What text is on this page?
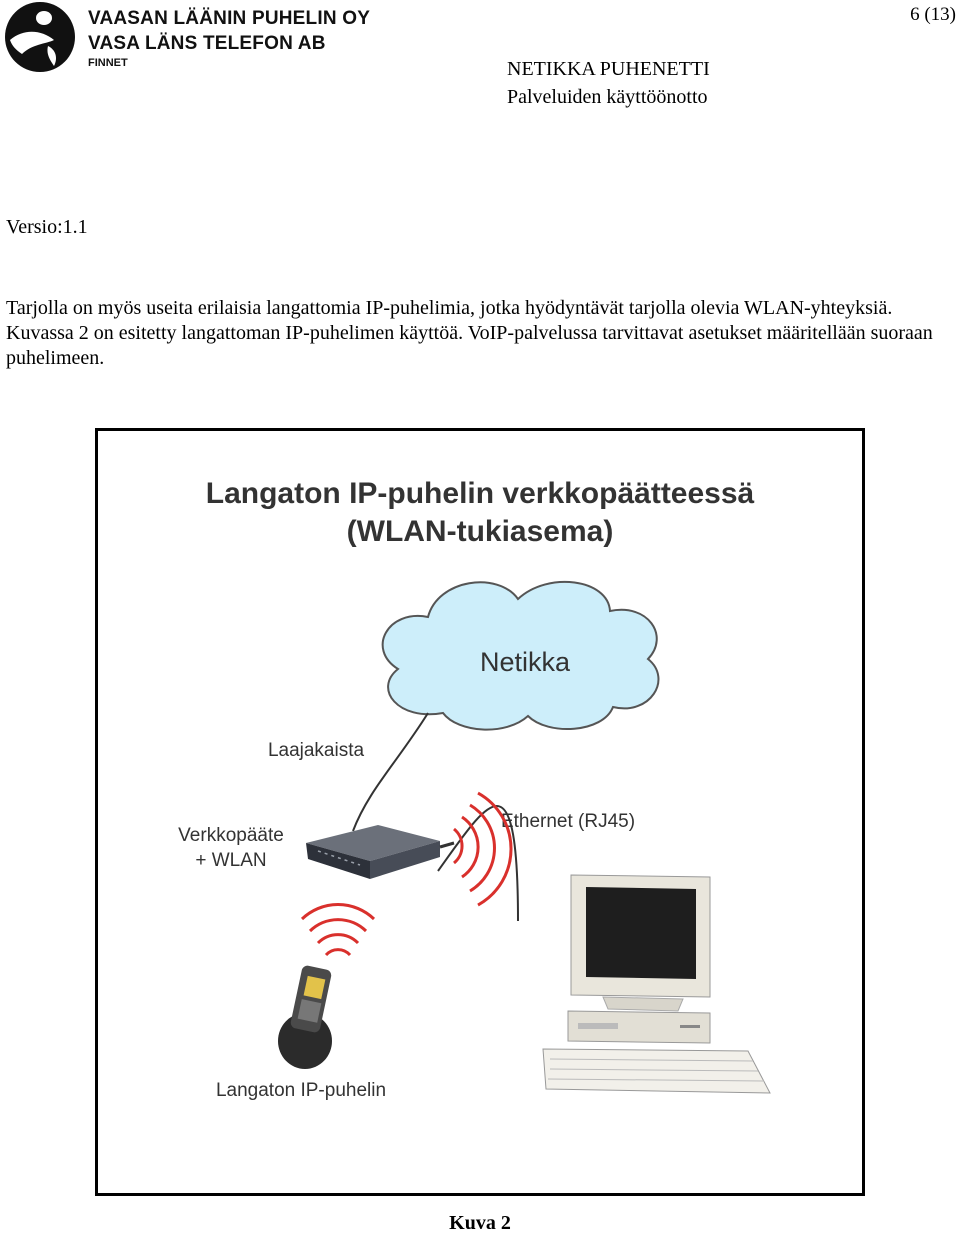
VAASAN LÄÄNIN PUHELIN OY
VASA LÄNS TELEFON AB
FINNET
6 (13)
NETIKKA PUHENETTI
Palveluiden käyttöönotto
Versio:1.1
Tarjolla on myös useita erilaisia langattomia IP-puhelimia, jotka hyödyntävät tarjolla olevia WLAN-yhteyksiä. Kuvassa 2 on esitetty langattoman IP-puhelimen käyttöä. VoIP-palvelussa tarvittavat asetukset määritellään suoraan puhelimeen.
Langaton IP-puhelin verkkopäätteessä
(WLAN-tukiasema)
Netikka
Laajakaista
Ethernet (RJ45)
Verkkopääte
+ WLAN
Langaton IP-puhelin
Kuva 2
